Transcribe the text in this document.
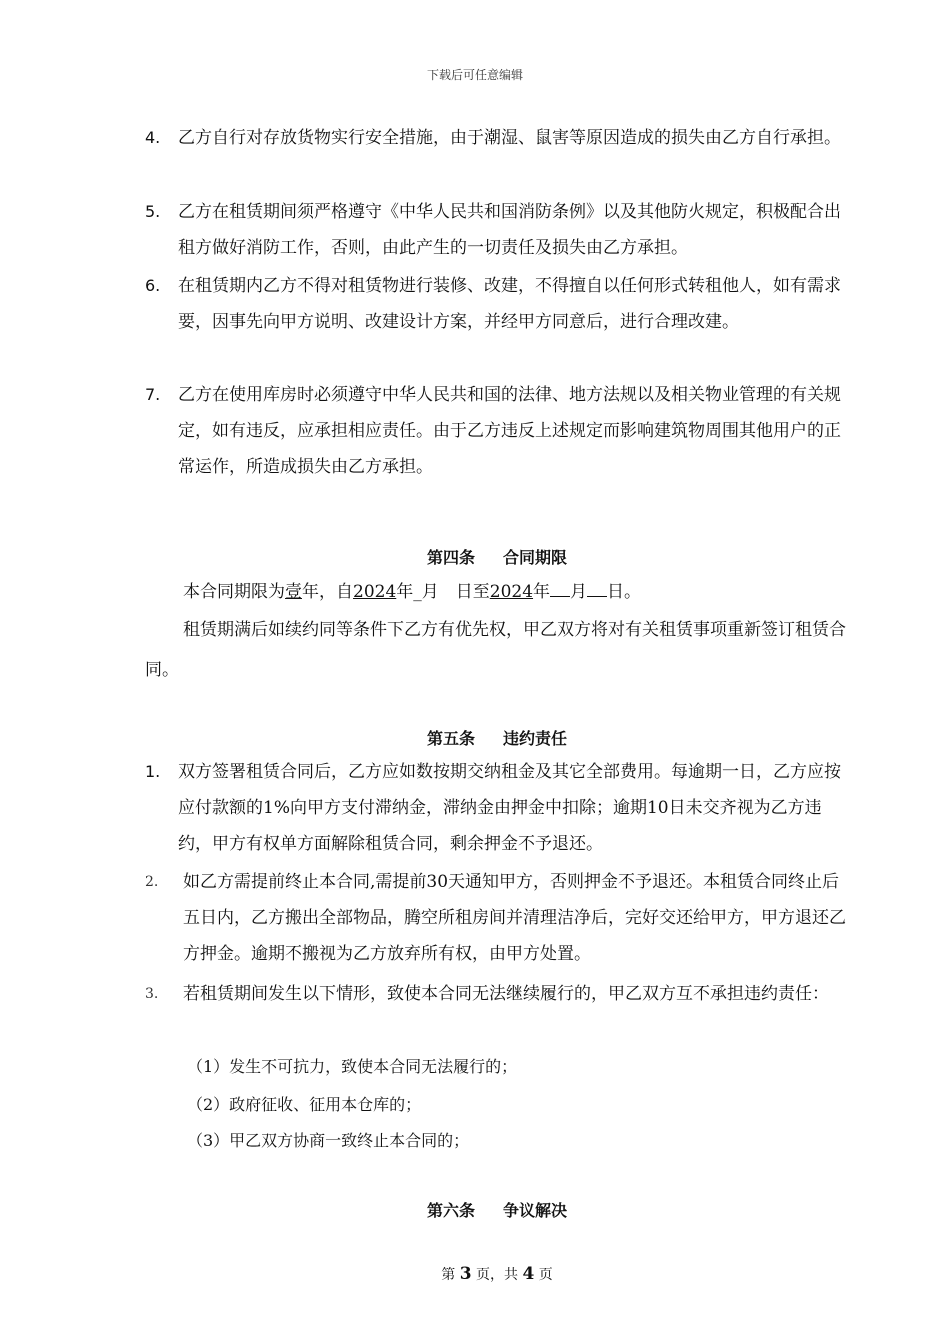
下载后可任意编辑
4. 乙方自行对存放货物实行安全措施，由于潮湿、鼠害等原因造成的损失由乙方自行承担。
5. 乙方在租赁期间须严格遵守《中华人民共和国消防条例》以及其他防火规定，积极配合出租方做好消防工作，否则，由此产生的一切责任及损失由乙方承担。
6. 在租赁期内乙方不得对租赁物进行装修、改建，不得擅自以任何形式转租他人，如有需求要，因事先向甲方说明、改建设计方案，并经甲方同意后，进行合理改建。
7. 乙方在使用库房时必须遵守中华人民共和国的法律、地方法规以及相关物业管理的有关规定，如有违反，应承担相应责任。由于乙方违反上述规定而影响建筑物周围其他用户的正常运作，所造成损失由乙方承担。
第四条 合同期限
本合同期限为壹年，自2024年_月　日至2024年 月 日。
租赁期满后如续约同等条件下乙方有优先权，甲乙双方将对有关租赁事项重新签订租赁合同。
第五条 违约责任
1. 双方签署租赁合同后，乙方应如数按期交纳租金及其它全部费用。每逾期一日，乙方应按应付款额的1%向甲方支付滞纳金，滞纳金由押金中扣除；逾期10日未交齐视为乙方违约，甲方有权单方面解除租赁合同，剩余押金不予退还。
2. 如乙方需提前终止本合同,需提前30天通知甲方，否则押金不予退还。本租赁合同终止后五日内，乙方搬出全部物品，腾空所租房间并清理洁净后，完好交还给甲方，甲方退还乙方押金。逾期不搬视为乙方放弃所有权，由甲方处置。
3. 若租赁期间发生以下情形，致使本合同无法继续履行的，甲乙双方互不承担违约责任：
（1）发生不可抗力，致使本合同无法履行的；
（2）政府征收、征用本仓库的；
（3）甲乙双方协商一致终止本合同的；
第六条 争议解决
第 3 页，共 4 页
